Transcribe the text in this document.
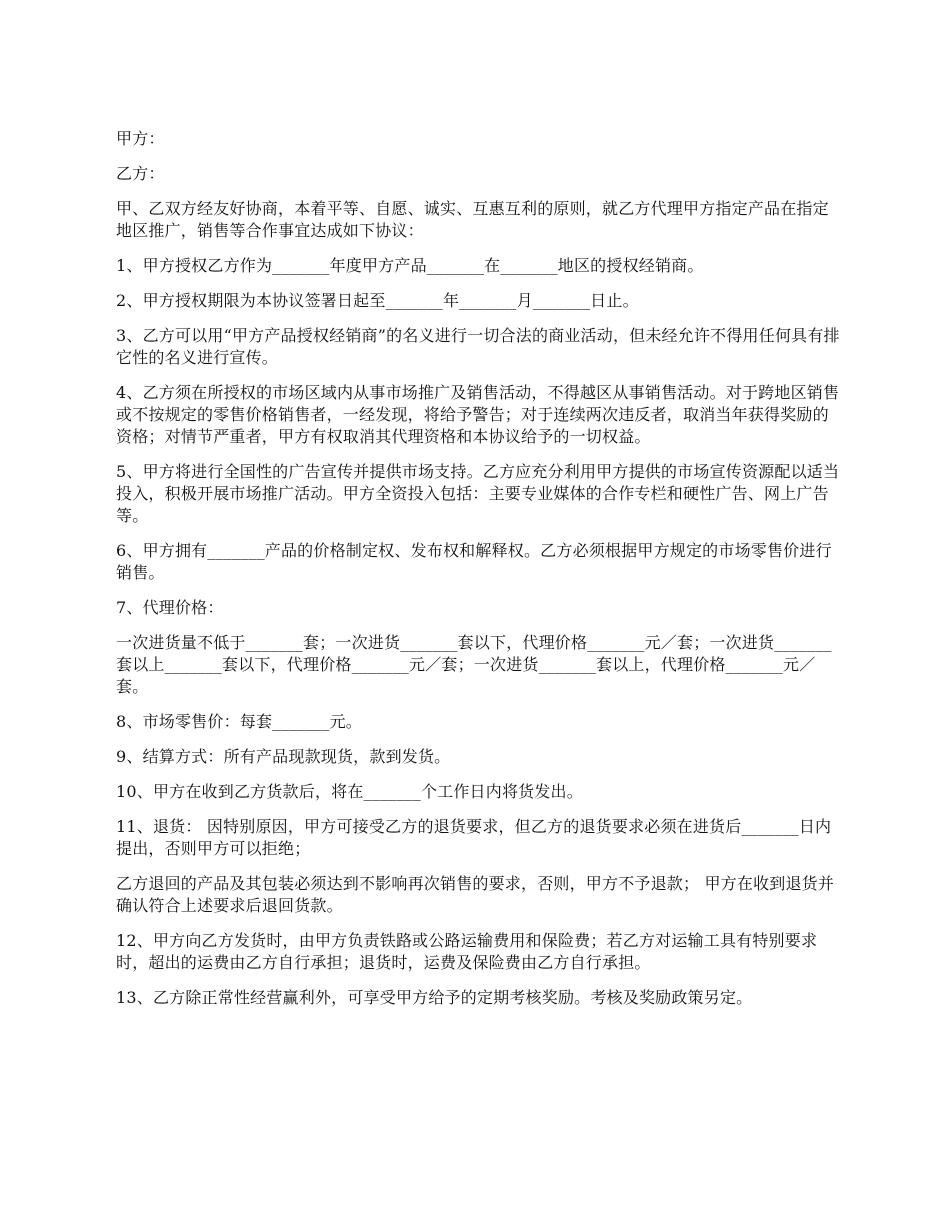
甲方：

乙方：

甲、乙双方经友好协商，本着平等、自愿、诚实、互惠互利的原则，就乙方代理甲方指定产品在指定地区推广，销售等合作事宜达成如下协议：

1、甲方授权乙方作为_______年度甲方产品_______在_______地区的授权经销商。

2、甲方授权期限为本协议签署日起至_______年_______月_______日止。

3、乙方可以用“甲方产品授权经销商”的名义进行一切合法的商业活动，但未经允许不得用任何具有排它性的名义进行宣传。

4、乙方须在所授权的市场区域内从事市场推广及销售活动，不得越区从事销售活动。对于跨地区销售或不按规定的零售价格销售者，一经发现，将给予警告；对于连续两次违反者，取消当年获得奖励的资格；对情节严重者，甲方有权取消其代理资格和本协议给予的一切权益。

5、甲方将进行全国性的广告宣传并提供市场支持。乙方应充分利用甲方提供的市场宣传资源配以适当投入，积极开展市场推广活动。甲方全资投入包括：主要专业媒体的合作专栏和硬性广告、网上广告等。

6、甲方拥有_______产品的价格制定权、发布权和解释权。乙方必须根据甲方规定的市场零售价进行销售。

7、代理价格：

一次进货量不低于_______套；一次进货_______套以下，代理价格_______元／套；一次进货_______套以上_______套以下，代理价格_______元／套；一次进货_______套以上，代理价格_______元／套。

8、市场零售价：每套_______元。

9、结算方式：所有产品现款现货，款到发货。

10、甲方在收到乙方货款后，将在_______个工作日内将货发出。

11、退货： 因特别原因，甲方可接受乙方的退货要求，但乙方的退货要求必须在进货后_______日内提出，否则甲方可以拒绝；

乙方退回的产品及其包装必须达到不影响再次销售的要求，否则，甲方不予退款； 甲方在收到退货并确认符合上述要求后退回货款。

12、甲方向乙方发货时，由甲方负责铁路或公路运输费用和保险费；若乙方对运输工具有特别要求时，超出的运费由乙方自行承担；退货时，运费及保险费由乙方自行承担。

13、乙方除正常性经营赢利外，可享受甲方给予的定期考核奖励。考核及奖励政策另定。
